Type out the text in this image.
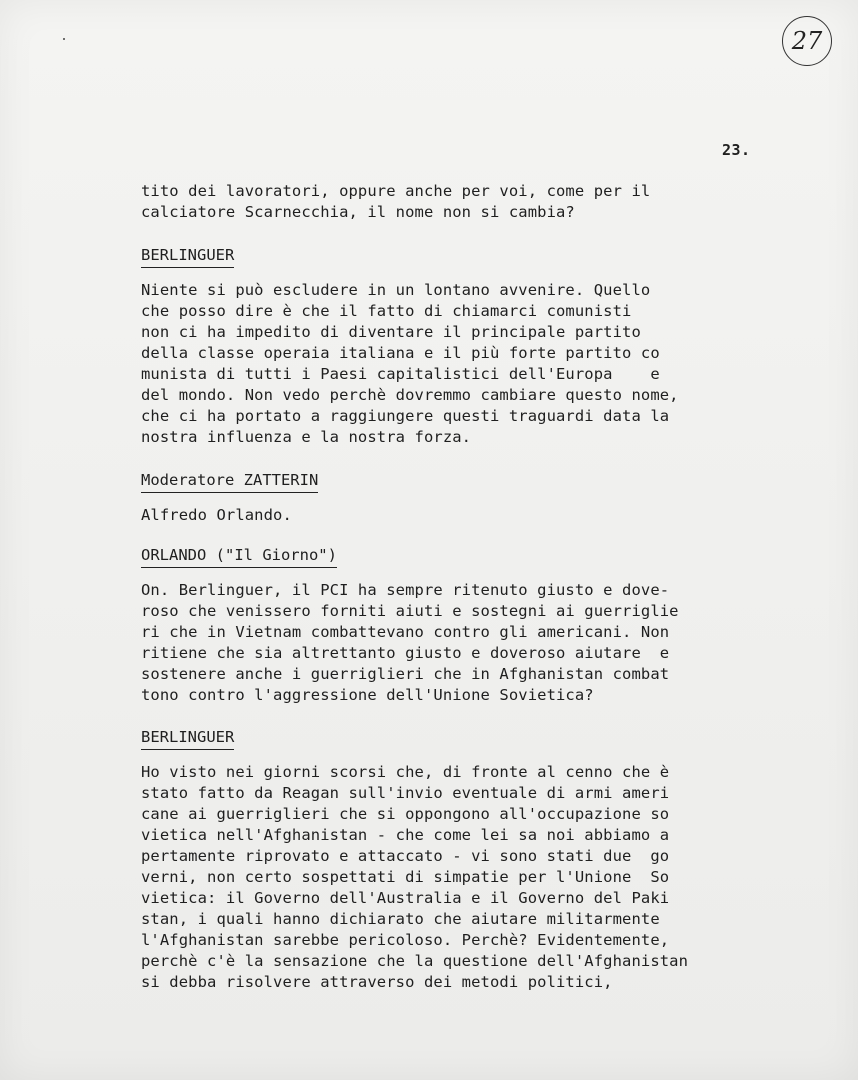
27
23.
tito dei lavoratori, oppure anche per voi, come per il
calciatore Scarnecchia, il nome non si cambia?
BERLINGUER
Niente si può escludere in un lontano avvenire. Quello
che posso dire è che il fatto di chiamarci comunisti
non ci ha impedito di diventare il principale partito
della classe operaia italiana e il più forte partito co
munista di tutti i Paesi capitalistici dell'Europa    e
del mondo. Non vedo perchè dovremmo cambiare questo nome,
che ci ha portato a raggiungere questi traguardi data la
nostra influenza e la nostra forza.
Moderatore ZATTERIN
Alfredo Orlando.
ORLANDO ("Il Giorno")
On. Berlinguer, il PCI ha sempre ritenuto giusto e dove-
roso che venissero forniti aiuti e sostegni ai guerriglie
ri che in Vietnam combattevano contro gli americani. Non
ritiene che sia altrettanto giusto e doveroso aiutare  e
sostenere anche i guerriglieri che in Afghanistan combat
tono contro l'aggressione dell'Unione Sovietica?
BERLINGUER
Ho visto nei giorni scorsi che, di fronte al cenno che è
stato fatto da Reagan sull'invio eventuale di armi ameri
cane ai guerriglieri che si oppongono all'occupazione so
vietica nell'Afghanistan - che come lei sa noi abbiamo a
pertamente riprovato e attaccato - vi sono stati due  go
verni, non certo sospettati di simpatie per l'Unione  So
vietica: il Governo dell'Australia e il Governo del Paki
stan, i quali hanno dichiarato che aiutare militarmente
l'Afghanistan sarebbe pericoloso. Perchè? Evidentemente,
perchè c'è la sensazione che la questione dell'Afghanistan
si debba risolvere attraverso dei metodi politici,
